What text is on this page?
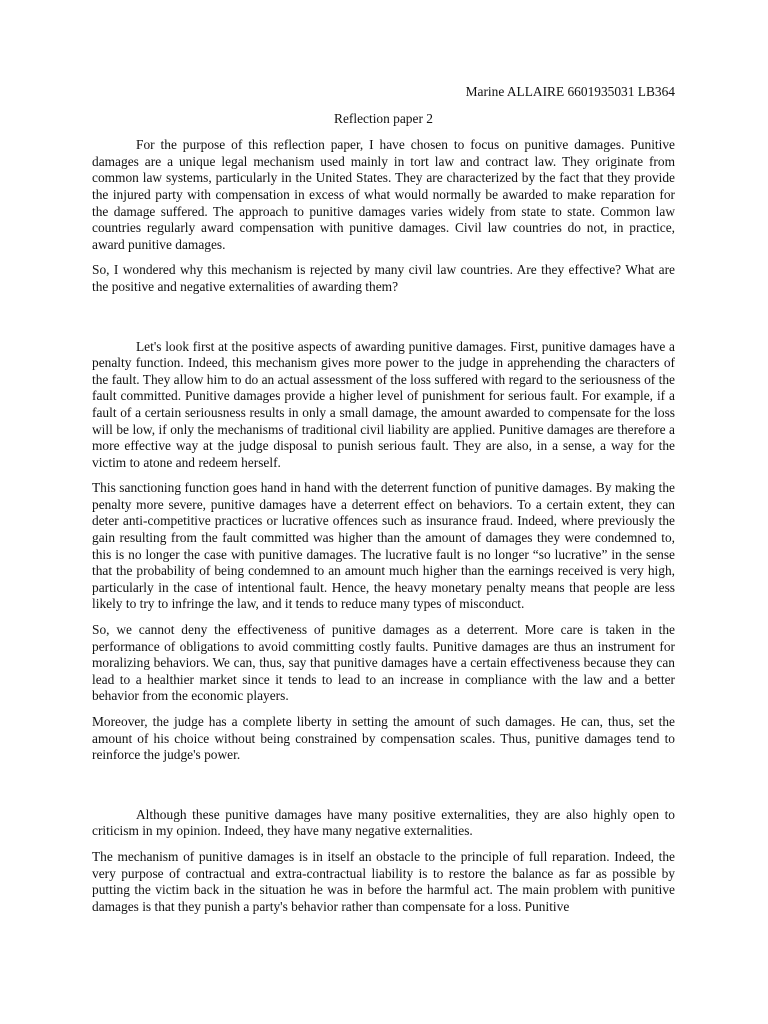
Marine ALLAIRE 6601935031 LB364
Reflection paper 2

For the purpose of this reflection paper, I have chosen to focus on punitive damages. Punitive damages are a unique legal mechanism used mainly in tort law and contract law. They originate from common law systems, particularly in the United States. They are characterized by the fact that they provide the injured party with compensation in excess of what would normally be awarded to make reparation for the damage suffered. The approach to punitive damages varies widely from state to state. Common law countries regularly award compensation with punitive damages. Civil law countries do not, in practice, award punitive damages.

So, I wondered why this mechanism is rejected by many civil law countries. Are they effective? What are the positive and negative externalities of awarding them?

Let's look first at the positive aspects of awarding punitive damages. First, punitive damages have a penalty function. Indeed, this mechanism gives more power to the judge in apprehending the characters of the fault. They allow him to do an actual assessment of the loss suffered with regard to the seriousness of the fault committed. Punitive damages provide a higher level of punishment for serious fault. For example, if a fault of a certain seriousness results in only a small damage, the amount awarded to compensate for the loss will be low, if only the mechanisms of traditional civil liability are applied. Punitive damages are therefore a more effective way at the judge disposal to punish serious fault. They are also, in a sense, a way for the victim to atone and redeem herself.

This sanctioning function goes hand in hand with the deterrent function of punitive damages. By making the penalty more severe, punitive damages have a deterrent effect on behaviors. To a certain extent, they can deter anti-competitive practices or lucrative offences such as insurance fraud. Indeed, where previously the gain resulting from the fault committed was higher than the amount of damages they were condemned to, this is no longer the case with punitive damages. The lucrative fault is no longer “so lucrative” in the sense that the probability of being condemned to an amount much higher than the earnings received is very high, particularly in the case of intentional fault. Hence, the heavy monetary penalty means that people are less likely to try to infringe the law, and it tends to reduce many types of misconduct.

So, we cannot deny the effectiveness of punitive damages as a deterrent. More care is taken in the performance of obligations to avoid committing costly faults. Punitive damages are thus an instrument for moralizing behaviors. We can, thus, say that punitive damages have a certain effectiveness because they can lead to a healthier market since it tends to lead to an increase in compliance with the law and a better behavior from the economic players.

Moreover, the judge has a complete liberty in setting the amount of such damages. He can, thus, set the amount of his choice without being constrained by compensation scales. Thus, punitive damages tend to reinforce the judge's power.

Although these punitive damages have many positive externalities, they are also highly open to criticism in my opinion. Indeed, they have many negative externalities.

The mechanism of punitive damages is in itself an obstacle to the principle of full reparation. Indeed, the very purpose of contractual and extra-contractual liability is to restore the balance as far as possible by putting the victim back in the situation he was in before the harmful act. The main problem with punitive damages is that they punish a party's behavior rather than compensate for a loss. Punitive
